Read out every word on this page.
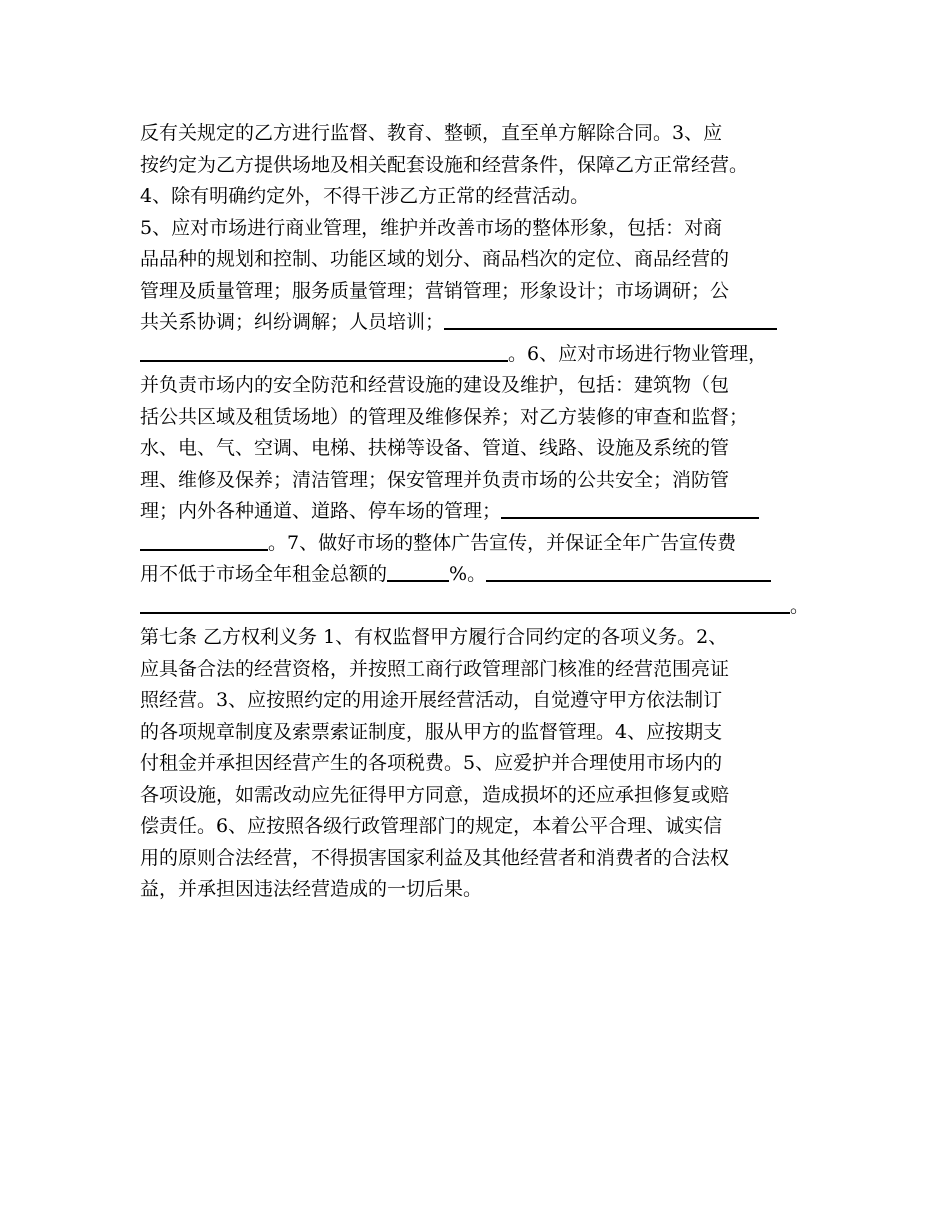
反有关规定的乙方进行监督、教育、整顿，直至单方解除合同。3、应
按约定为乙方提供场地及相关配套设施和经营条件，保障乙方正常经营。
4、除有明确约定外，不得干涉乙方正常的经营活动。
5、应对市场进行商业管理，维护并改善市场的整体形象，包括：对商
品品种的规划和控制、功能区域的划分、商品档次的定位、商品经营的
管理及质量管理；服务质量管理；营销管理；形象设计；市场调研；公
共关系协调；纠纷调解；人员培训；
。6、应对市场进行物业管理，
并负责市场内的安全防范和经营设施的建设及维护，包括：建筑物（包
括公共区域及租赁场地）的管理及维修保养；对乙方装修的审查和监督；
水、电、气、空调、电梯、扶梯等设备、管道、线路、设施及系统的管
理、维修及保养；清洁管理；保安管理并负责市场的公共安全；消防管
理；内外各种通道、道路、停车场的管理；
。7、做好市场的整体广告宣传，并保证全年广告宣传费
用不低于市场全年租金总额的	%。
。
第七条 乙方权利义务 1、有权监督甲方履行合同约定的各项义务。2、
应具备合法的经营资格，并按照工商行政管理部门核准的经营范围亮证
照经营。3、应按照约定的用途开展经营活动，自觉遵守甲方依法制订
的各项规章制度及索票索证制度，服从甲方的监督管理。4、应按期支
付租金并承担因经营产生的各项税费。5、应爱护并合理使用市场内的
各项设施，如需改动应先征得甲方同意，造成损坏的还应承担修复或赔
偿责任。6、应按照各级行政管理部门的规定，本着公平合理、诚实信
用的原则合法经营，不得损害国家利益及其他经营者和消费者的合法权
益，并承担因违法经营造成的一切后果。
